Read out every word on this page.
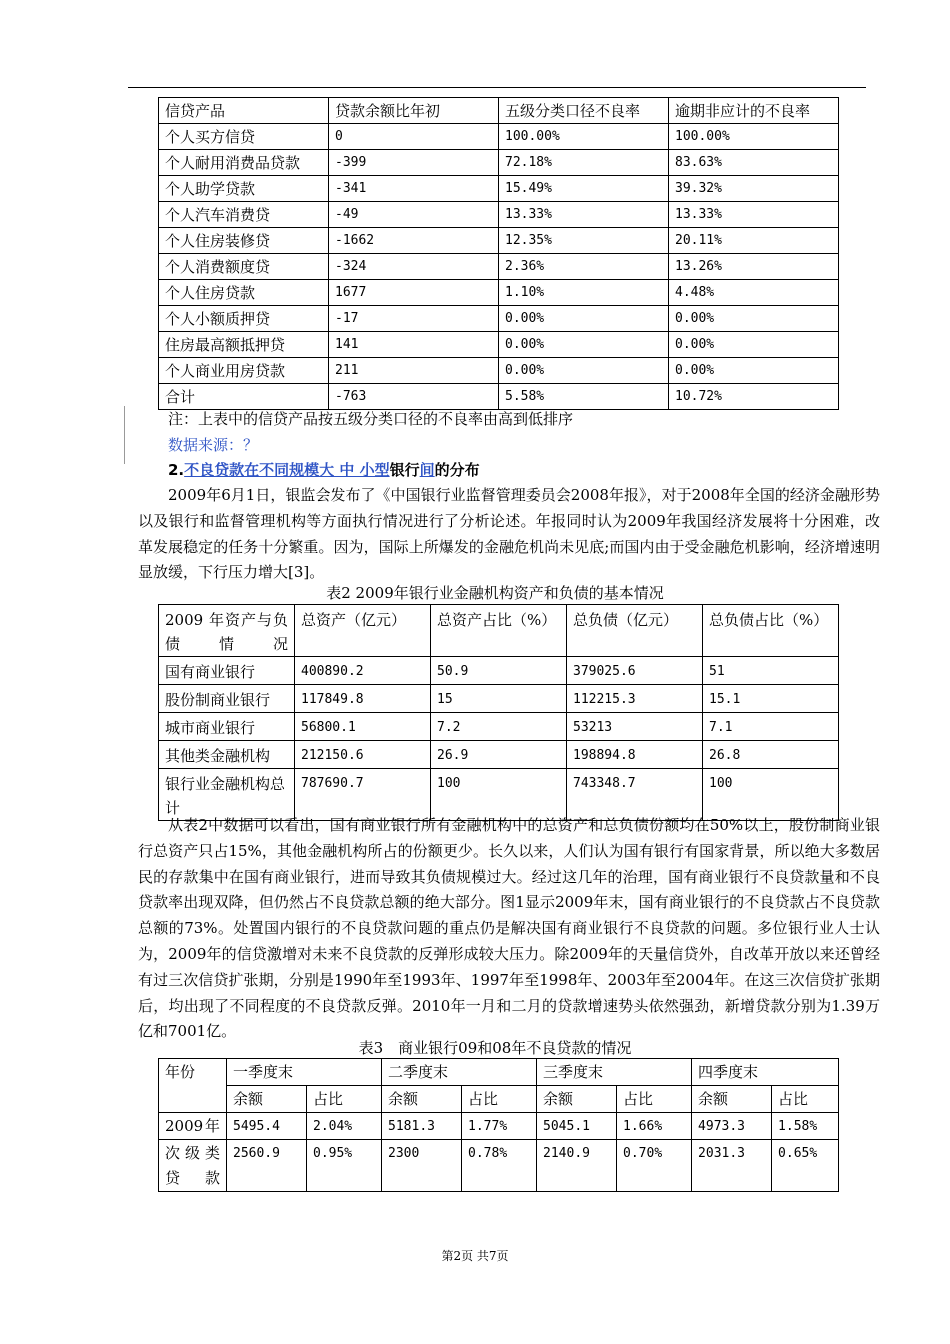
信贷产品	贷款余额比年初	五级分类口径不良率	逾期非应计的不良率
个人买方信贷	0	100.00%	100.00%
个人耐用消费品贷款	-399	72.18%	83.63%
个人助学贷款	-341	15.49%	39.32%
个人汽车消费贷	-49	13.33%	13.33%
个人住房装修贷	-1662	12.35%	20.11%
个人消费额度贷	-324	2.36%	13.26%
个人住房贷款	1677	1.10%	4.48%
个人小额质押贷	-17	0.00%	0.00%
住房最高额抵押贷	141	0.00%	0.00%
个人商业用房贷款	211	0.00%	0.00%
合计	-763	5.58%	10.72%
注：上表中的信贷产品按五级分类口径的不良率由高到低排序
数据来源：？
2.不良贷款在不同规模大 中 小型银行间的分布
2009年6月1日，银监会发布了《中国银行业监督管理委员会2008年报》，对于2008年全国的经济金融形势以及银行和监督管理机构等方面执行情况进行了分析论述。年报同时认为2009年我国经济发展将十分困难，改革发展稳定的任务十分繁重。因为，国际上所爆发的金融危机尚未见底;而国内由于受金融危机影响，经济增速明显放缓，下行压力增大[3]。
表2 2009年银行业金融机构资产和负债的基本情况
2009 年资产与负债情况	总资产（亿元）	总资产占比（%）	总负债（亿元）	总负债占比（%）
国有商业银行	400890.2	50.9	379025.6	51
股份制商业银行	117849.8	15	112215.3	15.1
城市商业银行	56800.1	7.2	53213	7.1
其他类金融机构	212150.6	26.9	198894.8	26.8
银行业金融机构总计	787690.7	100	743348.7	100
从表2中数据可以看出，国有商业银行所有金融机构中的总资产和总负债份额均在50%以上，股份制商业银行总资产只占15%，其他金融机构所占的份额更少。长久以来，人们认为国有银行有国家背景，所以绝大多数居民的存款集中在国有商业银行，进而导致其负债规模过大。经过这几年的治理，国有商业银行不良贷款量和不良贷款率出现双降，但仍然占不良贷款总额的绝大部分。图1显示2009年末，国有商业银行的不良贷款占不良贷款总额的73%。处置国内银行的不良贷款问题的重点仍是解决国有商业银行不良贷款的问题。多位银行业人士认为，2009年的信贷激增对未来不良贷款的反弹形成较大压力。除2009年的天量信贷外，自改革开放以来还曾经有过三次信贷扩张期，分别是1990年至1993年、1997年至1998年、2003年至2004年。在这三次信贷扩张期后，均出现了不同程度的不良贷款反弹。2010年一月和二月的贷款增速势头依然强劲，新增贷款分别为1.39万亿和7001亿。
表3　商业银行09和08年不良贷款的情况
年份	一季度末		二季度末		三季度末		四季度末	
	余额	占比	余额	占比	余额	占比	余额	占比
2009年	5495.4	2.04%	5181.3	1.77%	5045.1	1.66%	4973.3	1.58%
次级类贷款	2560.9	0.95%	2300	0.78%	2140.9	0.70%	2031.3	0.65%
第2页 共7页
